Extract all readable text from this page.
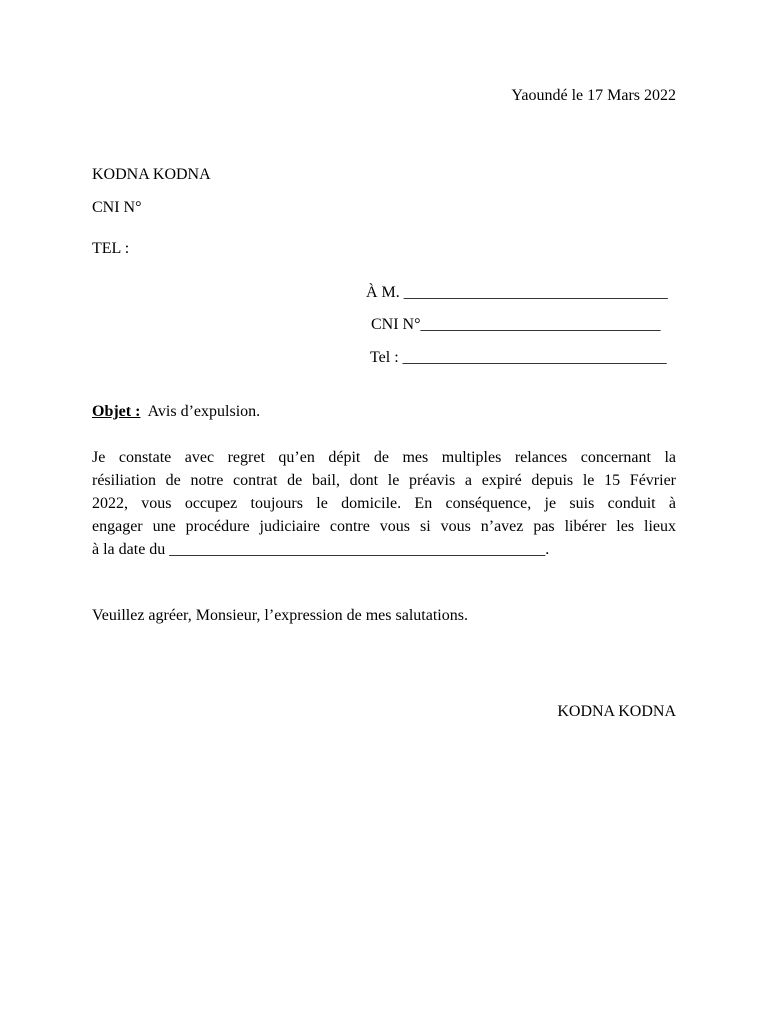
Yaoundé le 17 Mars 2022
KODNA KODNA
CNI N°
TEL :
À M. _________________________________
CNI N°______________________________
Tel : _________________________________
Objet : Avis d’expulsion.
Je constate avec regret qu’en dépit de mes multiples relances concernant la
résiliation de notre contrat de bail, dont le préavis a expiré depuis le 15 Février
2022, vous occupez toujours le domicile. En conséquence, je suis conduit à
engager une procédure judiciaire contre vous si vous n’avez pas libérer les lieux
à la date du _______________________________________________.
Veuillez agréer, Monsieur, l’expression de mes salutations.
KODNA KODNA
